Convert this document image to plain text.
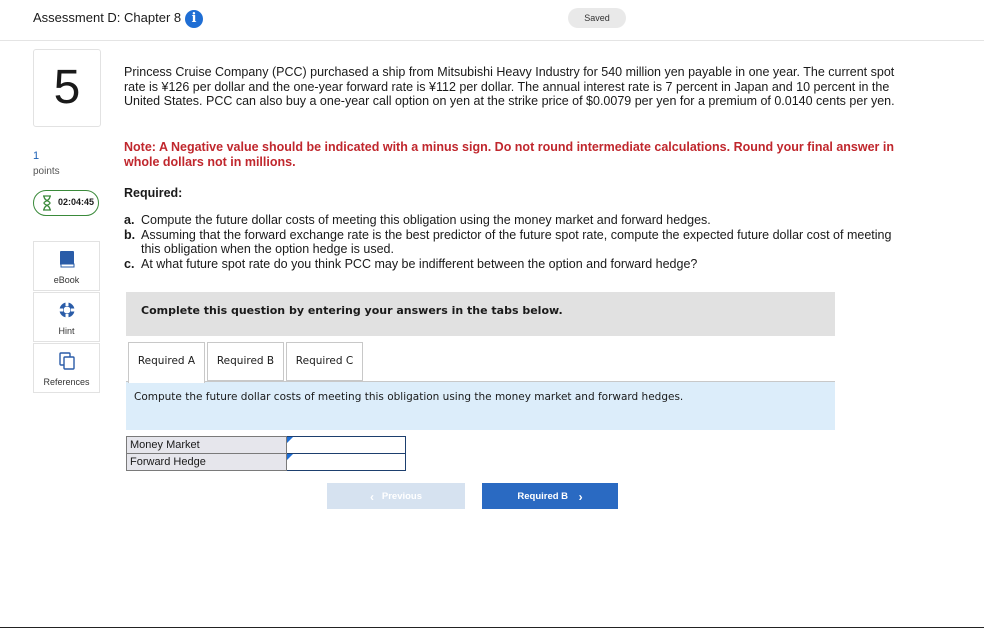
Assessment D: Chapter 8 i	Saved
5
1
points
02:04:45
eBook
Hint
References
Princess Cruise Company (PCC) purchased a ship from Mitsubishi Heavy Industry for 540 million yen payable in one year. The current spot rate is ¥126 per dollar and the one-year forward rate is ¥112 per dollar. The annual interest rate is 7 percent in Japan and 10 percent in the United States. PCC can also buy a one-year call option on yen at the strike price of $0.0079 per yen for a premium of 0.0140 cents per yen.
Note: A Negative value should be indicated with a minus sign. Do not round intermediate calculations. Round your final answer in whole dollars not in millions.
Required:
a. Compute the future dollar costs of meeting this obligation using the money market and forward hedges.
b. Assuming that the forward exchange rate is the best predictor of the future spot rate, compute the expected future dollar cost of meeting this obligation when the option hedge is used.
c. At what future spot rate do you think PCC may be indifferent between the option and forward hedge?
Complete this question by entering your answers in the tabs below.
Required A	Required B	Required C
Compute the future dollar costs of meeting this obligation using the money market and forward hedges.
Money Market	

Forward Hedge	
‹ Previous	Required B ›
